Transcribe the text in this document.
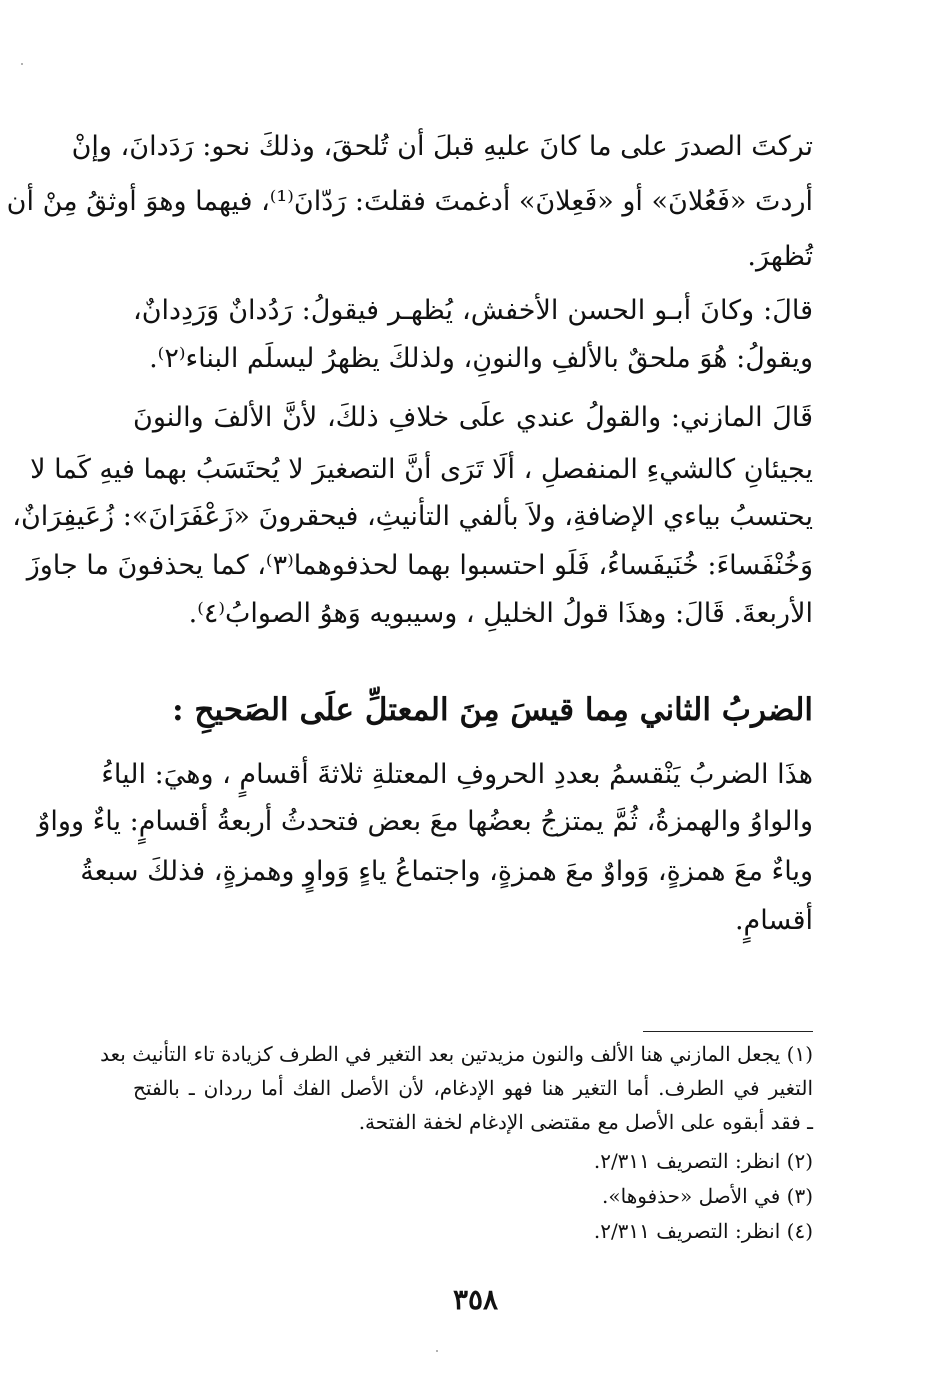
تركتَ الصدرَ على ما كانَ عليهِ قبلَ أن تُلحقَ، وذلكَ نحو: رَدَدانَ، وإنْ
أردتَ «فَعُلانَ» أو «فَعِلانَ» أدغمتَ فقلتَ: رَدّانَ⁽¹⁾، فيهما وهوَ أوثقُ مِنْ أن
تُظهرَ.
قالَ: وكانَ أبـو الحسن الأخفش، يُظهـر فيقولُ: رَدُدانٌ وَرَدِدانٌ،
ويقولُ: هُوَ ملحقٌ بالألفِ والنونِ، ولذلكَ يظهرُ ليسلَم البناء⁽٢⁾.
قَالَ المازني: والقولُ عندي علَى خلافِ ذلكَ، لأنَّ الألفَ والنونَ
يجيئانِ كالشيءِ المنفصلِ ، ألَا تَرَى أنَّ التصغيرَ لا يُحتَسَبُ بهما فيهِ كَما لا
يحتسبُ بياءي الإضافةِ، ولاَ بألفي التأنيثِ، فيحقرونَ «زَعْفَرَانَ»: زُعَيفِرَانٌ،
وَخُنْفَساءَ: خُنَيفَساءُ، فَلَو احتسبوا بهما لحذفوهما⁽٣⁾، كما يحذفونَ ما جاوزَ
الأربعةَ. قَالَ: وهذَا قولُ الخليلِ ، وسيبويه وَهوُ الصوابُ⁽٤⁾.
الضربُ الثاني مِما قيسَ مِنَ المعتلِّ علَى الصَحيحِ :
هذَا الضربُ يَنْقسمُ بعددِ الحروفِ المعتلةِ ثلاثةَ أقسامٍ ، وهيَ: الياءُ
والواوُ والهمزةُ، ثُمَّ يمتزجُ بعضُها معَ بعض فتحدثُ أربعةُ أقسامٍ: ياءٌ وواوٌ
وياءٌ معَ همزةٍ، وَواوٌ معَ همزةٍ، واجتماعُ ياءٍ وَواوٍ وهمزةٍ، فذلكَ سبعةُ
أقسامٍ.
(١) يجعل المازني هنا الألف والنون مزيدتين بعد التغير في الطرف كزيادة تاء التأنيث بعد
التغير في الطرف. أما التغير هنا فهو الإدغام، لأن الأصل الفك أما رردان ـ بالفتح
ـ فقد أبقوه على الأصل مع مقتضى الإدغام لخفة الفتحة.
(٢) انظر: التصريف ٢/٣١١.
(٣) في الأصل «حذفوها».
(٤) انظر: التصريف ٢/٣١١.
٣٥٨
